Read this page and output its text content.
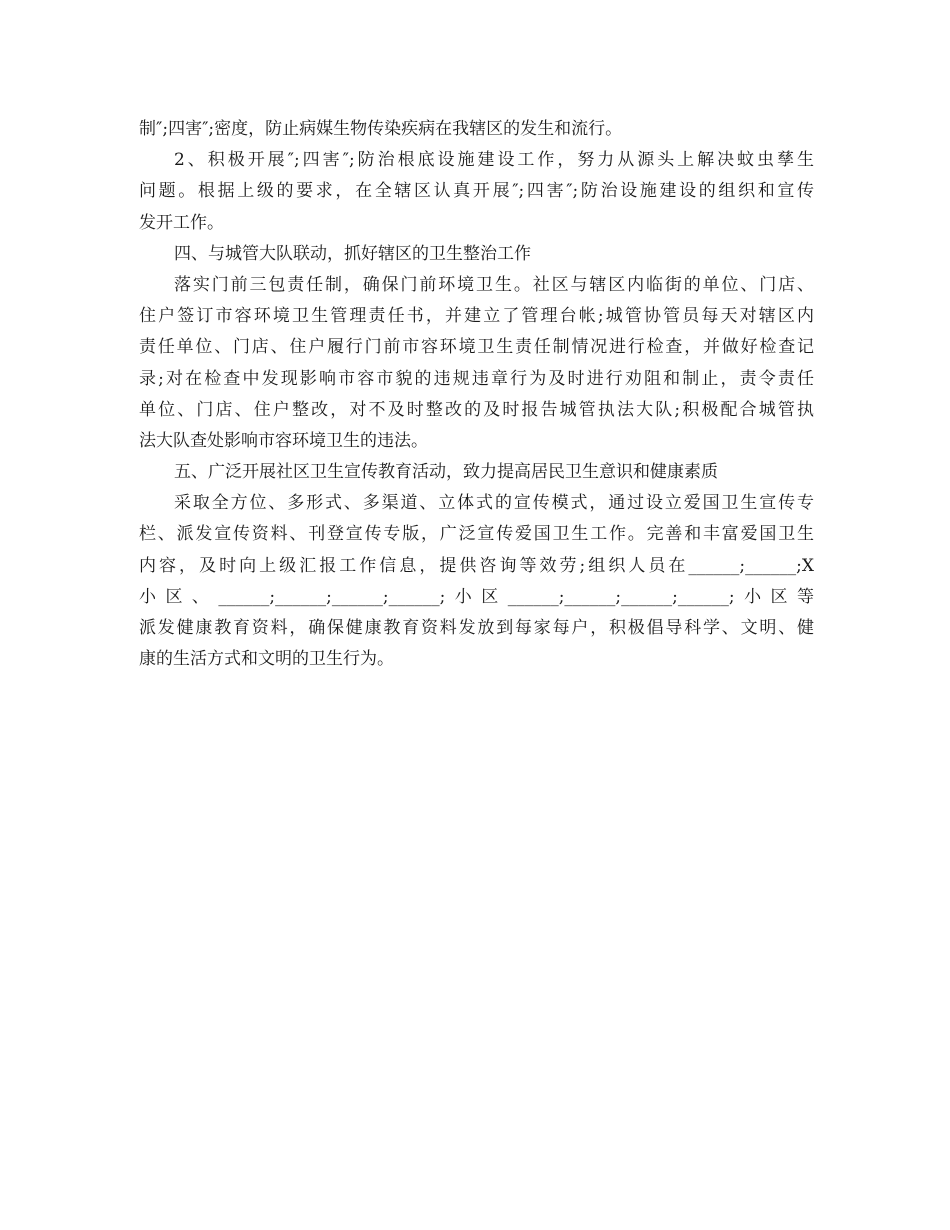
制″;四害″;密度，防止病媒生物传染疾病在我辖区的发生和流行。
2、积极开展″;四害″;防治根底设施建设工作，努力从源头上解决蚊虫孳生
问题。根据上级的要求，在全辖区认真开展″;四害″;防治设施建设的组织和宣传
发开工作。
四、与城管大队联动，抓好辖区的卫生整治工作
落实门前三包责任制，确保门前环境卫生。社区与辖区内临街的单位、门店、
住户签订市容环境卫生管理责任书，并建立了管理台帐;城管协管员每天对辖区内
责任单位、门店、住户履行门前市容环境卫生责任制情况进行检查，并做好检查记
录;对在检查中发现影响市容市貌的违规违章行为及时进行劝阻和制止，责令责任
单位、门店、住户整改，对不及时整改的及时报告城管执法大队;积极配合城管执
法大队查处影响市容环境卫生的违法。
五、广泛开展社区卫生宣传教育活动，致力提高居民卫生意识和健康素质
采取全方位、多形式、多渠道、立体式的宣传模式，通过设立爱国卫生宣传专
栏、派发宣传资料、刊登宣传专版，广泛宣传爱国卫生工作。完善和丰富爱国卫生
内容，及时向上级汇报工作信息，提供咨询等效劳;组织人员在______;______;X
小区、______;______;______;______;小区______;______;______;______;小区等
派发健康教育资料，确保健康教育资料发放到每家每户，积极倡导科学、文明、健
康的生活方式和文明的卫生行为。
